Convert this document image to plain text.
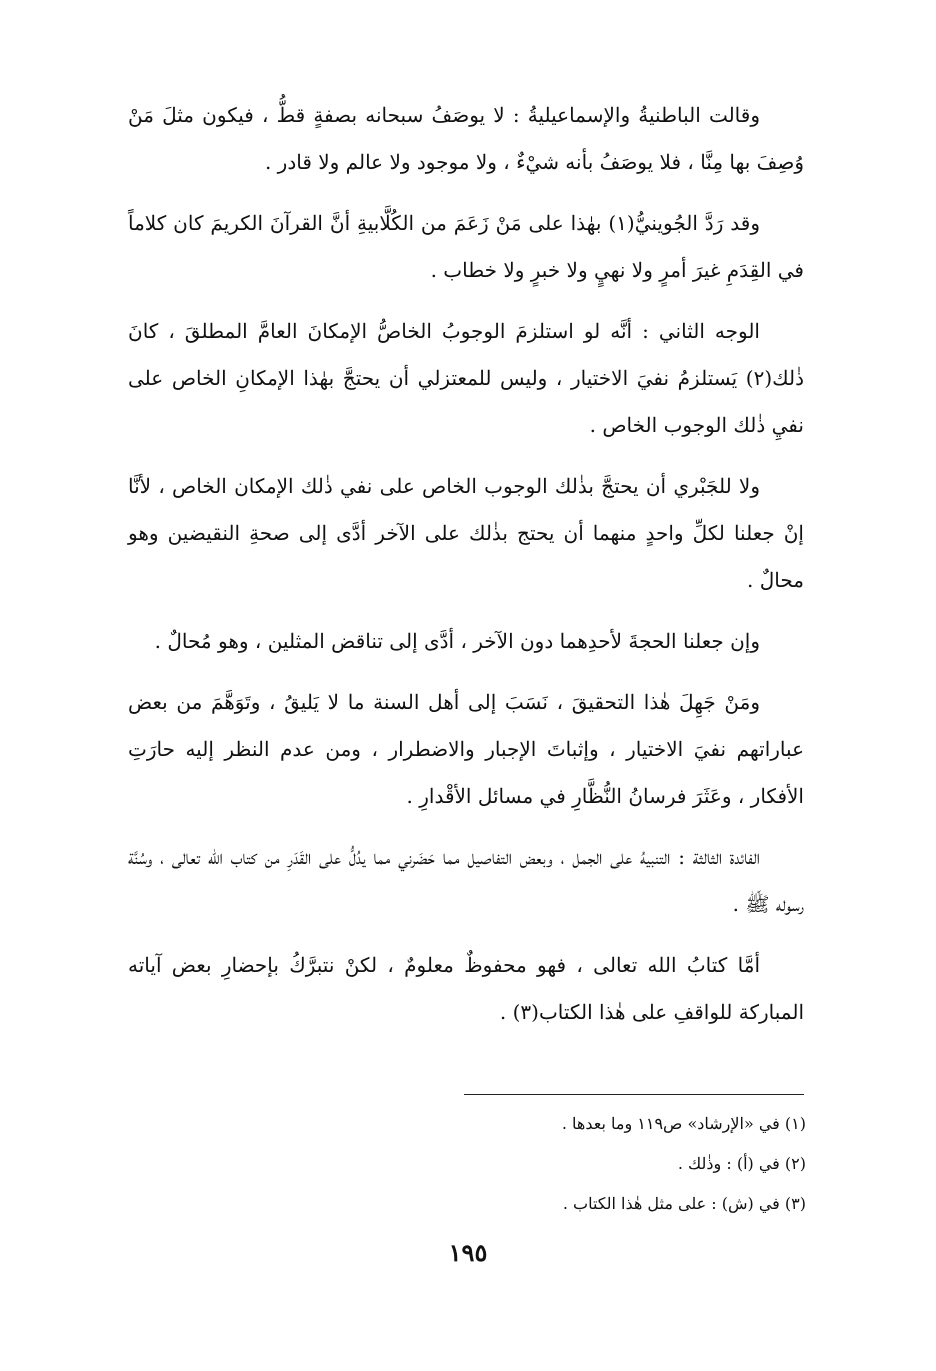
وقالت الباطنيةُ والإسماعيليةُ : لا يوصَفُ سبحانه بصفةٍ قطُّ ، فيكون مثلَ مَنْ وُصِفَ بها مِنَّا ، فلا يوصَفُ بأنه شيْءٌ ، ولا موجود ولا عالم ولا قادر .

وقد رَدَّ الجُوينيُّ(١) بهٰذا على مَنْ زَعَمَ من الكُلَّابيةِ أنَّ القرآنَ الكريمَ كان كلاماً في القِدَمِ غيرَ أمرٍ ولا نهيٍ ولا خبرٍ ولا خطاب .

الوجه الثاني : أنَّه لو استلزمَ الوجوبُ الخاصُّ الإمكانَ العامَّ المطلقَ ، كانَ ذٰلك(٢) يَستلزمُ نفيَ الاختيار ، وليس للمعتزلي أن يحتجَّ بهٰذا الإمكانِ الخاص على نفيِ ذٰلك الوجوب الخاص .

ولا للجَبْري أن يحتجَّ بذٰلك الوجوب الخاص على نفي ذٰلك الإمكان الخاص ، لأنَّا إنْ جعلنا لكلِّ واحدٍ منهما أن يحتج بذٰلك على الآخر أدَّى إلى صحةِ النقيضين وهو محالٌ .

وإن جعلنا الحجةَ لأحدِهما دون الآخر ، أدَّى إلى تناقض المثلين ، وهو مُحالٌ .

ومَنْ جَهِلَ هٰذا التحقيقَ ، نَسَبَ إلى أهل السنة ما لا يَليقُ ، وتَوَهَّمَ من بعض عباراتهم نفيَ الاختيار ، وإثباتَ الإجبار والاضطرار ، ومن عدم النظر إليه حارَتِ الأفكار ، وعَثَرَ فرسانُ النُّظَّارِ في مسائل الأقْدارِ .

الفائدة الثالثة : التنبيهُ على الجمل ، وبعض التفاصيل مما حَضَرني مما يدُلُّ على القَدَرِ من كتاب الله تعالى ، وسُنَّة رسوله ﷺ .

أمَّا كتابُ الله تعالى ، فهو محفوظٌ معلومٌ ، لكنْ نتبرَّكُ بإحضارِ بعض آياته المباركة للواقفِ على هٰذا الكتاب(٣) .

(١) في «الإرشاد» ص١١٩ وما بعدها .

(٢) في (أ) : وذٰلك .

(٣) في (ش) : على مثل هٰذا الكتاب .

١٩٥
